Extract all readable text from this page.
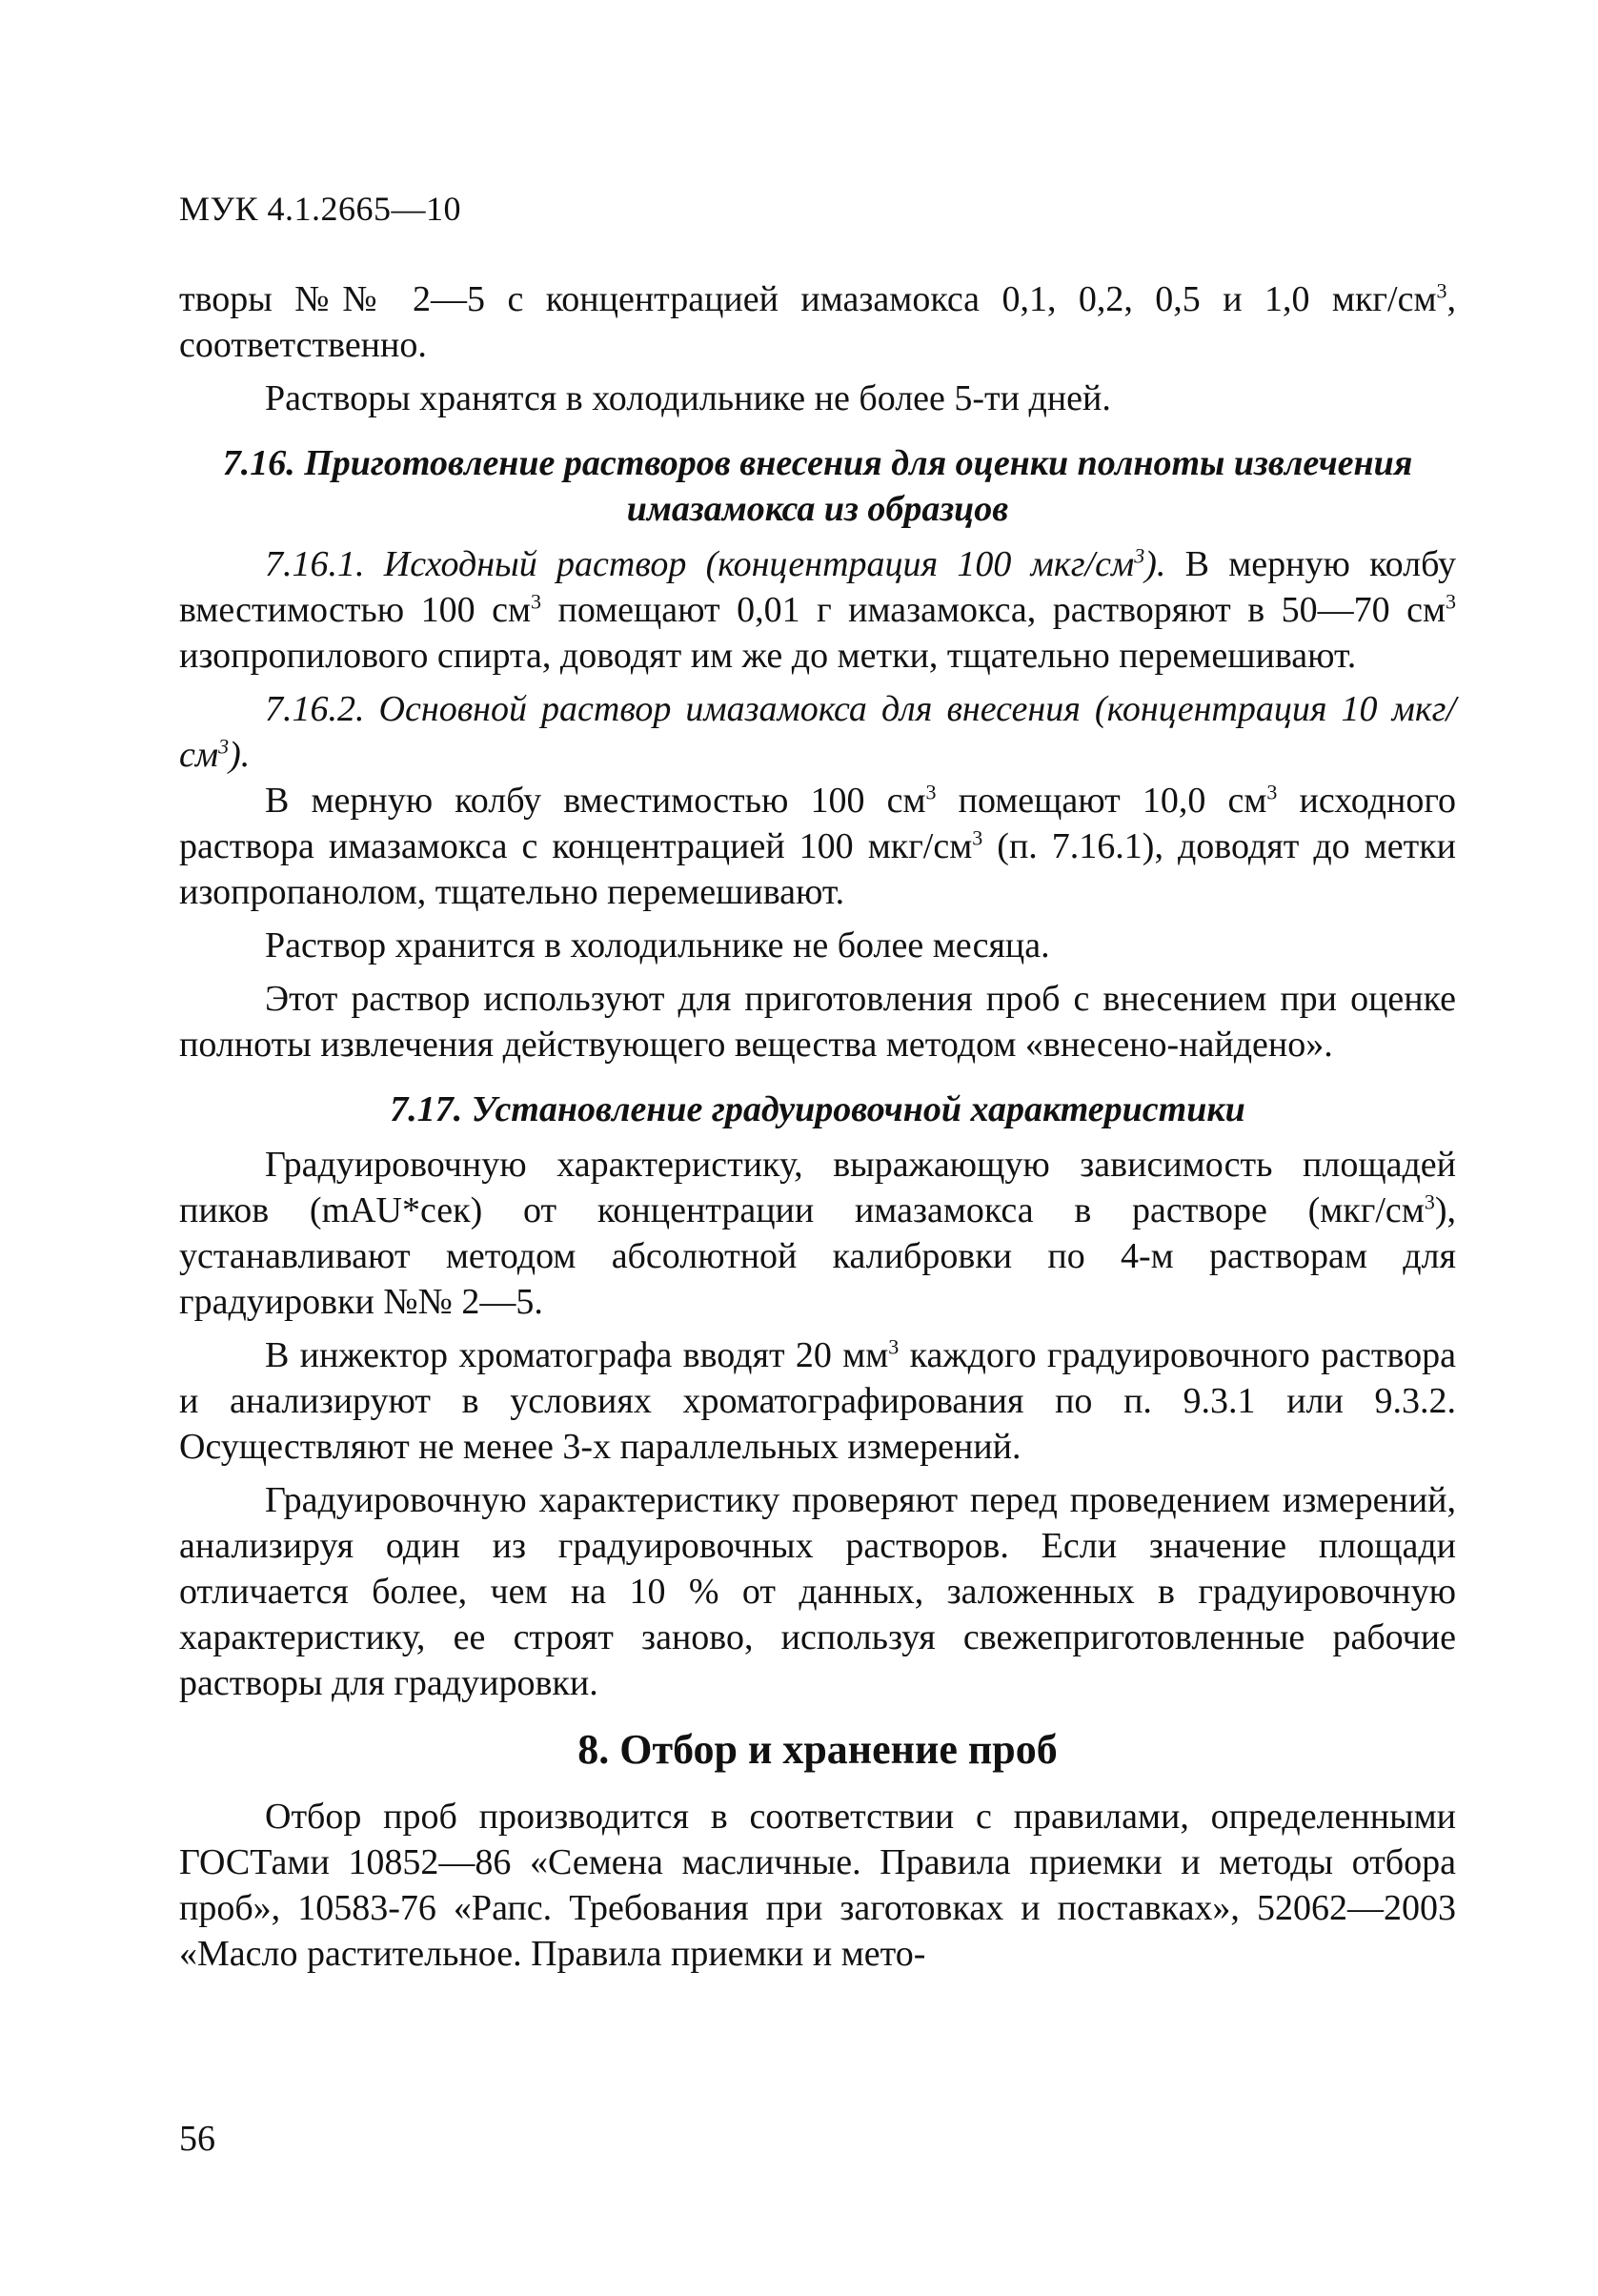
МУК 4.1.2665—10

творы №№ 2—5 с концентрацией имазамокса 0,1, 0,2, 0,5 и 1,0 мкг/$см^3$, соответственно.

Растворы хранятся в холодильнике не более 5-ти дней.

7.16. Приготовление растворов внесения для оценки полноты извлечения имазамокса из образцов

7.16.1. Исходный раствор (концентрация 100 мкг/$см^3$). В мерную колбу вместимостью 100 $см^3$ помещают 0,01 г имазамокса, растворяют в 50—70 $см^3$ изопропилового спирта, доводят им же до метки, тщательно перемешивают.

7.16.2. Основной раствор имазамокса для внесения (концентрация 10 мкг/$см^3$).

В мерную колбу вместимостью 100 $см^3$ помещают 10,0 $см^3$ исходного раствора имазамокса с концентрацией 100 мкг/$см^3$ (п. 7.16.1), доводят до метки изопропанолом, тщательно перемешивают.

Раствор хранится в холодильнике не более месяца.

Этот раствор используют для приготовления проб с внесением при оценке полноты извлечения действующего вещества методом «внесено-найдено».

7.17. Установление градуировочной характеристики

Градуировочную характеристику, выражающую зависимость площадей пиков (mAU*сек) от концентрации имазамокса в растворе $(мкг/см^3)$, устанавливают методом абсолютной калибровки по 4-м растворам для градуировки №№ 2—5.

В инжектор хроматографа вводят 20 $мм^3$ каждого градуировочного раствора и анализируют в условиях хроматографирования по п. 9.3.1 или 9.3.2. Осуществляют не менее 3-х параллельных измерений.

Градуировочную характеристику проверяют перед проведением измерений, анализируя один из градуировочных растворов. Если значение площади отличается более, чем на 10 % от данных, заложенных в градуировочную характеристику, ее строят заново, используя свежеприготовленные рабочие растворы для градуировки.

8. Отбор и хранение проб

Отбор проб производится в соответствии с правилами, определенными ГОСТами 10852—86 «Семена масличные. Правила приемки и методы отбора проб», 10583-76 «Рапс. Требования при заготовках и поставках», 52062—2003 «Масло растительное. Правила приемки и мето-

56
